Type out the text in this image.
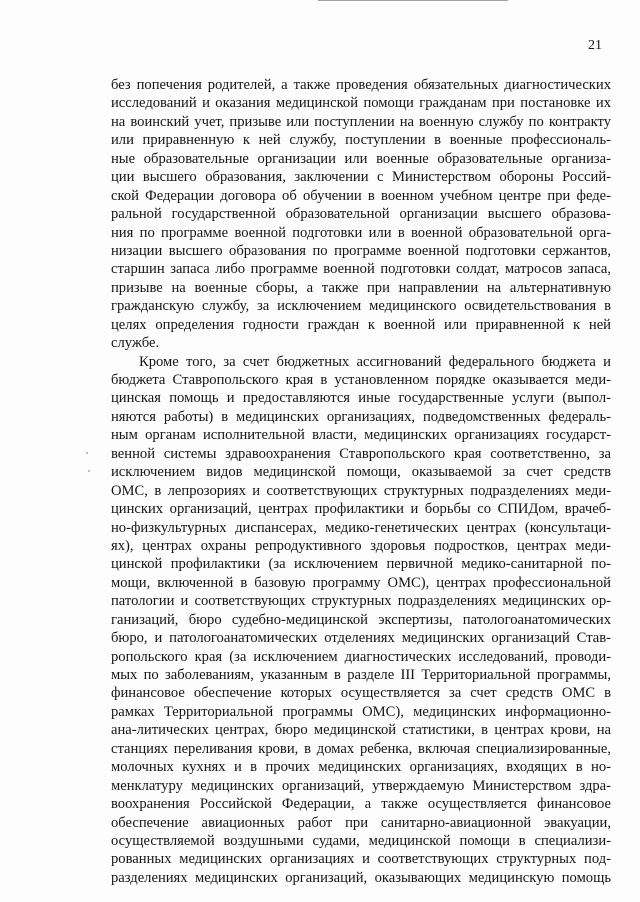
21
без попечения родителей, а также проведения обязательных диагностических
исследований и оказания медицинской помощи гражданам при постановке их
на воинский учет, призыве или поступлении на военную службу по контракту
или приравненную к ней службу, поступлении в военные профессиональ-
ные образовательные организации или военные образовательные организа-
ции высшего образования, заключении с Министерством обороны Россий-
ской Федерации договора об обучении в военном учебном центре при феде-
ральной государственной образовательной организации высшего образова-
ния по программе военной подготовки или в военной образовательной орга-
низации высшего образования по программе военной подготовки сержантов,
старшин запаса либо программе военной подготовки солдат, матросов запаса,
призыве на военные сборы, а также при направлении на альтернативную
гражданскую службу, за исключением медицинского освидетельствования в
целях определения годности граждан к военной или приравненной к ней
службе.
Кроме того, за счет бюджетных ассигнований федерального бюджета и
бюджета Ставропольского края в установленном порядке оказывается меди-
цинская помощь и предоставляются иные государственные услуги (выпол-
няются работы) в медицинских организациях, подведомственных федераль-
ным органам исполнительной власти, медицинских организациях государст-
венной системы здравоохранения Ставропольского края соответственно, за
исключением видов медицинской помощи, оказываемой за счет средств
ОМС, в лепрозориях и соответствующих структурных подразделениях меди-
цинских организаций, центрах профилактики и борьбы со СПИДом, врачеб-
но-физкультурных диспансерах, медико-генетических центрах (консультаци-
ях), центрах охраны репродуктивного здоровья подростков, центрах меди-
цинской профилактики (за исключением первичной медико-санитарной по-
мощи, включенной в базовую программу ОМС), центрах профессиональной
патологии и соответствующих структурных подразделениях медицинских ор-
ганизаций, бюро судебно-медицинской экспертизы, патологоанатомических
бюро, и патологоанатомических отделениях медицинских организаций Став-
ропольского края (за исключением диагностических исследований, проводи-
мых по заболеваниям, указанным в разделе III Территориальной программы,
финансовое обеспечение которых осуществляется за счет средств ОМС в
рамках Территориальной программы ОМС), медицинских информационно-
ана-литических центрах, бюро медицинской статистики, в центрах крови, на
станциях переливания крови, в домах ребенка, включая специализированные,
молочных кухнях и в прочих медицинских организациях, входящих в но-
менклатуру медицинских организаций, утверждаемую Министерством здра-
воохранения Российской Федерации, а также осуществляется финансовое
обеспечение авиационных работ при санитарно-авиационной эвакуации,
осуществляемой воздушными судами, медицинской помощи в специализи-
рованных медицинских организациях и соответствующих структурных под-
разделениях медицинских организаций, оказывающих медицинскую помощь
